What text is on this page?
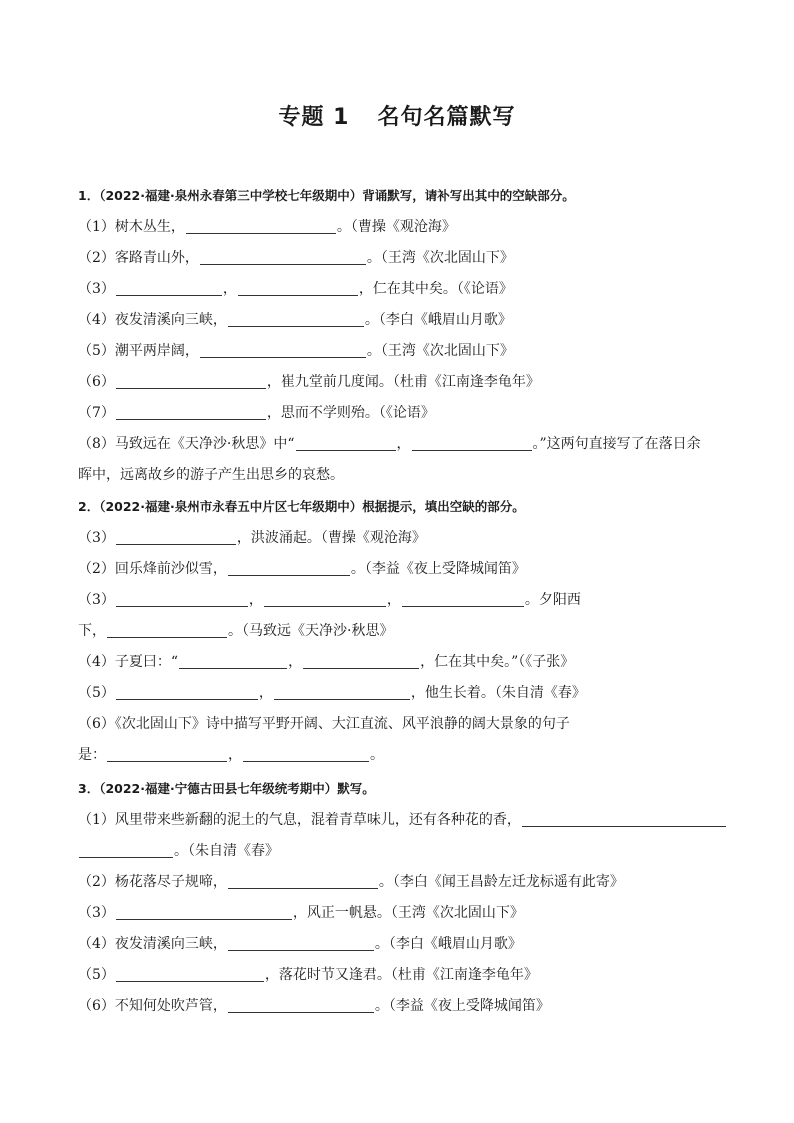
专题 1 名句名篇默写
1．（2022·福建·泉州永春第三中学校七年级期中）背诵默写，请补写出其中的空缺部分。
（1）树木丛生，	。（曹操《观沧海》
（2）客路青山外，	。（王湾《次北固山下》
（3）	，	，仁在其中矣。（《论语》
（4）夜发清溪向三峡，	。（李白《峨眉山月歌》
（5）潮平两岸阔，	。（王湾《次北固山下》
（6）	，崔九堂前几度闻。（杜甫《江南逢李龟年》
（7）	，思而不学则殆。（《论语》
（8）马致远在《天净沙·秋思》中“	，	。”这两句直接写了在落日余
晖中，远离故乡的游子产生出思乡的哀愁。
2．（2022·福建·泉州市永春五中片区七年级期中）根据提示，填出空缺的部分。
（3）	，洪波涌起。（曹操《观沧海》
（2）回乐烽前沙似雪，	。（李益《夜上受降城闻笛》
（3）	，	，	。夕阳西
下，	。（马致远《天净沙·秋思》
（4）子夏曰：“	，	，仁在其中矣。”（《子张》
（5）	，	，他生长着。（朱自清《春》
（6）《次北固山下》诗中描写平野开阔、大江直流、风平浪静的阔大景象的句子
是：	，	。
3．（2022·福建·宁德古田县七年级统考期中）默写。
（1）风里带来些新翻的泥土的气息，混着青草味儿，还有各种花的香，
。（朱自清《春》
（2）杨花落尽子规啼，	。（李白《闻王昌龄左迁龙标遥有此寄》
（3）	，风正一帆悬。（王湾《次北固山下》
（4）夜发清溪向三峡，	。（李白《峨眉山月歌》
（5）	，落花时节又逢君。（杜甫《江南逢李龟年》
（6）不知何处吹芦管，	。（李益《夜上受降城闻笛》
